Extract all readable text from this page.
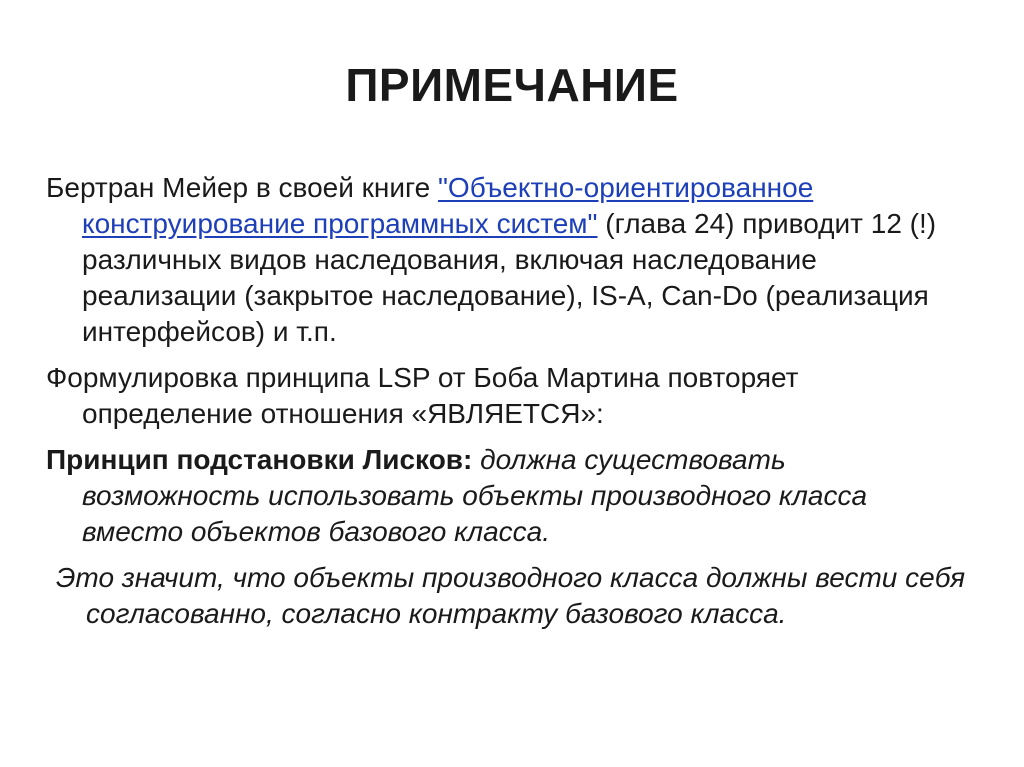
ПРИМЕЧАНИЕ

Бертран Мейер в своей книге "Объектно-ориентированное конструирование программных систем" (глава 24) приводит 12 (!) различных видов наследования, включая наследование реализации (закрытое наследование), IS-A, Can-Do (реализация интерфейсов) и т.п.

Формулировка принципа LSP от Боба Мартина повторяет определение отношения «ЯВЛЯЕТСЯ»:

Принцип подстановки Лисков: должна существовать возможность использовать объекты производного класса вместо объектов базового класса.

Это значит, что объекты производного класса должны вести себя согласованно, согласно контракту базового класса.
